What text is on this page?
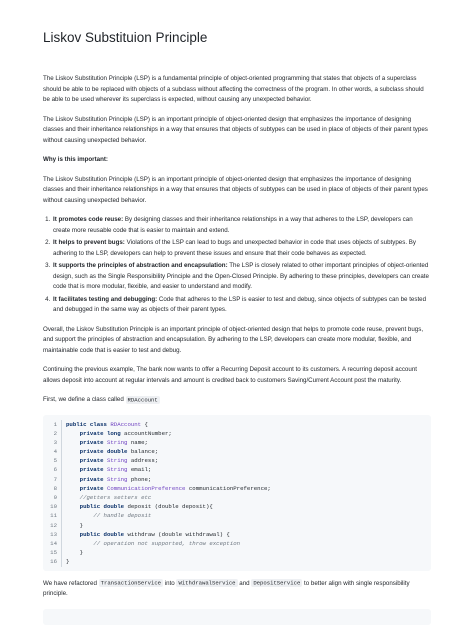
Liskov Substituion Principle

The Liskov Substitution Principle (LSP) is a fundamental principle of object-oriented programming that states that objects of a superclass should be able to be replaced with objects of a subclass without affecting the correctness of the program. In other words, a subclass should be able to be used wherever its superclass is expected, without causing any unexpected behavior.

The Liskov Substitution Principle (LSP) is an important principle of object-oriented design that emphasizes the importance of designing classes and their inheritance relationships in a way that ensures that objects of subtypes can be used in place of objects of their parent types without causing unexpected behavior.

Why is this important:

The Liskov Substitution Principle (LSP) is an important principle of object-oriented design that emphasizes the importance of designing classes and their inheritance relationships in a way that ensures that objects of subtypes can be used in place of objects of their parent types without causing unexpected behavior.

1. It promotes code reuse: By designing classes and their inheritance relationships in a way that adheres to the LSP, developers can create more reusable code that is easier to maintain and extend.
2. It helps to prevent bugs: Violations of the LSP can lead to bugs and unexpected behavior in code that uses objects of subtypes. By adhering to the LSP, developers can help to prevent these issues and ensure that their code behaves as expected.
3. It supports the principles of abstraction and encapsulation: The LSP is closely related to other important principles of object-oriented design, such as the Single Responsibility Principle and the Open-Closed Principle. By adhering to these principles, developers can create code that is more modular, flexible, and easier to understand and modify.
4. It facilitates testing and debugging: Code that adheres to the LSP is easier to test and debug, since objects of subtypes can be tested and debugged in the same way as objects of their parent types.

Overall, the Liskov Substitution Principle is an important principle of object-oriented design that helps to promote code reuse, prevent bugs, and support the principles of abstraction and encapsulation. By adhering to the LSP, developers can create more modular, flexible, and maintainable code that is easier to test and debug.

Continuing the previous example, The bank now wants to offer a Recurring Deposit account to its customers. A recurring deposit account allows deposit into account at regular intervals and amount is credited back to customers Saving/Current Account post the maturity.

First, we define a class called RDAccount

1	public class RDAccount {
2	private long accountNumber;
3	private String name;
4	private double balance;
5	private String address;
6	private String email;
7	private String phone;
8	private CommunicationPreference communicationPreference;
9	//getters setters etc
10	public double deposit (double deposit){
11	// handle deposit
12	}
13	public double withdraw (double withdrawal) {
14	// operation not supported, throw exception
15	}
16	}

We have refactored TransactionService into WithdrawalService and DepositService to better align with single responsibility principle.
